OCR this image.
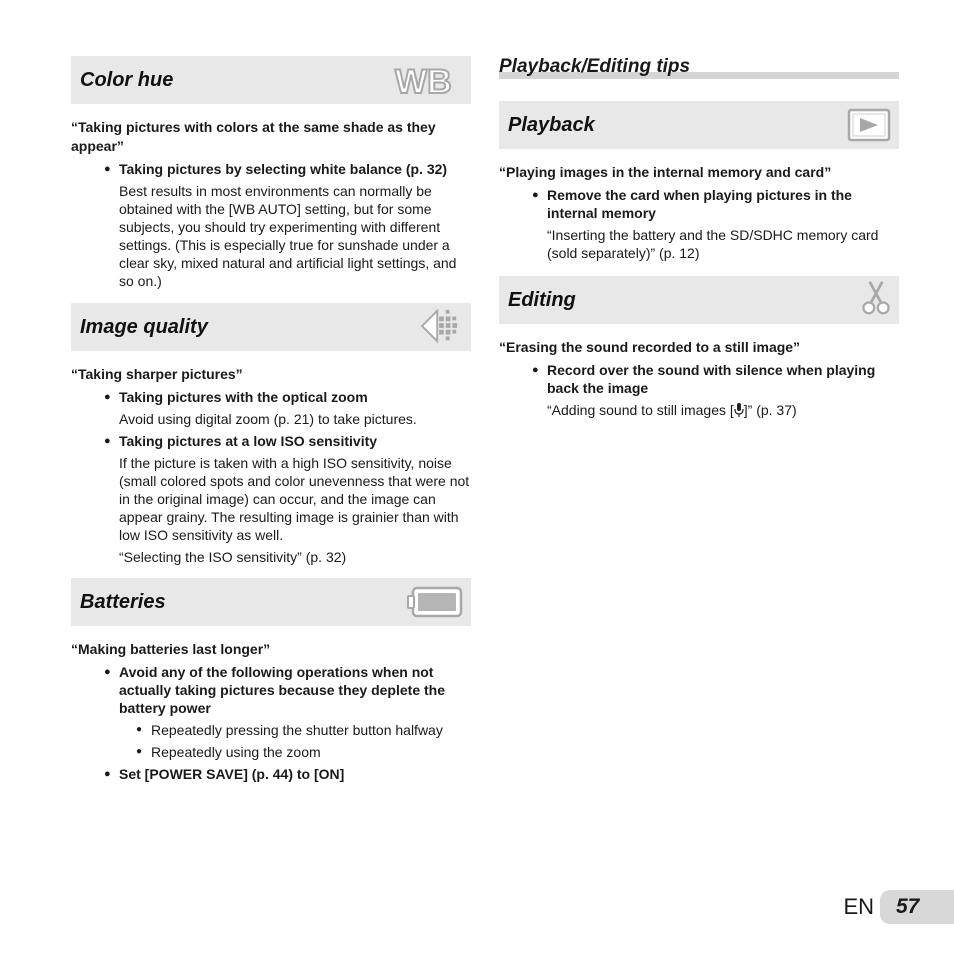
Color hue	WB
“Taking pictures with colors at the same shade as they appear”
● Taking pictures by selecting white balance (p. 32)
Best results in most environments can normally be obtained with the [WB AUTO] setting, but for some subjects, you should try experimenting with different settings. (This is especially true for sunshade under a clear sky, mixed natural and artificial light settings, and so on.)
Image quality
“Taking sharper pictures”
● Taking pictures with the optical zoom
Avoid using digital zoom (p. 21) to take pictures.
● Taking pictures at a low ISO sensitivity
If the picture is taken with a high ISO sensitivity, noise (small colored spots and color unevenness that were not in the original image) can occur, and the image can appear grainy. The resulting image is grainier than with low ISO sensitivity as well.
“Selecting the ISO sensitivity” (p. 32)
Batteries
“Making batteries last longer”
● Avoid any of the following operations when not actually taking pictures because they deplete the battery power
● Repeatedly pressing the shutter button halfway
● Repeatedly using the zoom
● Set [POWER SAVE] (p. 44) to [ON]
Playback/Editing tips
Playback
“Playing images in the internal memory and card”
● Remove the card when playing pictures in the internal memory
“Inserting the battery and the SD/SDHC memory card (sold separately)” (p. 12)
Editing
“Erasing the sound recorded to a still image”
● Record over the sound with silence when playing back the image
“Adding sound to still images [ ]” (p. 37)
EN 57
